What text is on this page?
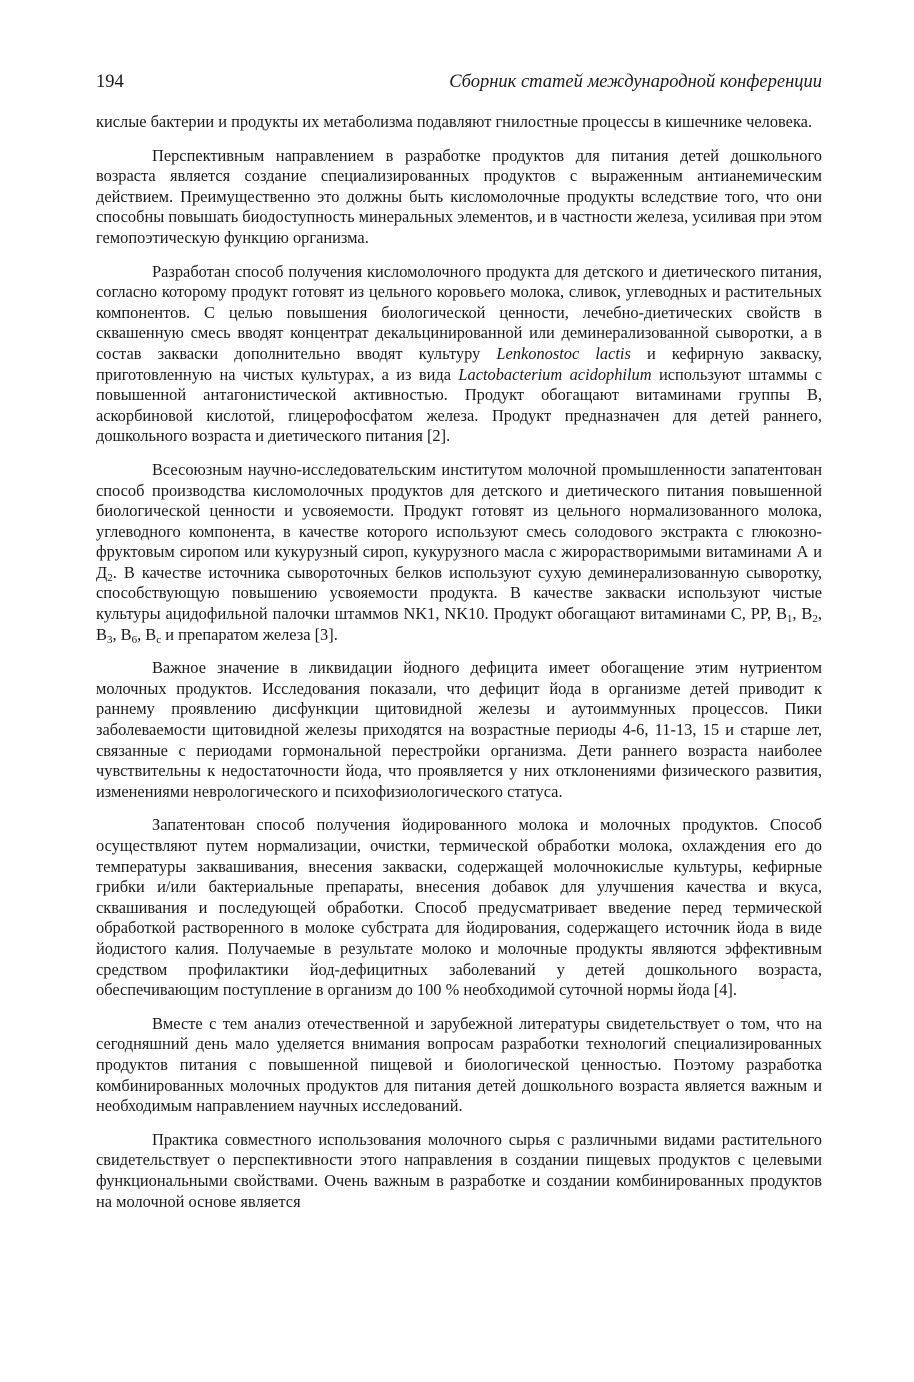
194	Сборник статей международной конференции

кислые бактерии и продукты их метаболизма подавляют гнилостные процессы в кишечнике человека.

Перспективным направлением в разработке продуктов для питания детей дошкольного возраста является создание специализированных продуктов с выраженным антианемическим действием. Преимущественно это должны быть кисломолочные продукты вследствие того, что они способны повышать биодоступность минеральных элементов, и в частности железа, усиливая при этом гемопоэтическую функцию организма.

Разработан способ получения кисломолочного продукта для детского и диетического питания, согласно которому продукт готовят из цельного коровьего молока, сливок, углеводных и растительных компонентов. С целью повышения биологической ценности, лечебно-диетических свойств в сквашенную смесь вводят концентрат декальцинированной или деминерализованной сыворотки, а в состав закваски дополнительно вводят культуру Lenkonostoc lactis и кефирную закваску, приготовленную на чистых культурах, а из вида Lactobacterium acidophilum используют штаммы с повышенной антагонистической активностью. Продукт обогащают витаминами группы В, аскорбиновой кислотой, глицерофосфатом железа. Продукт предназначен для детей раннего, дошкольного возраста и диетического питания [2].

Всесоюзным научно-исследовательским институтом молочной промышленности запатентован способ производства кисломолочных продуктов для детского и диетического питания повышенной биологической ценности и усвояемости. Продукт готовят из цельного нормализованного молока, углеводного компонента, в качестве которого используют смесь солодового экстракта с глюкозно-фруктовым сиропом или кукурузный сироп, кукурузного масла с жирорастворимыми витаминами А и $Д_2$. В качестве источника сывороточных белков используют сухую деминерализованную сыворотку, способствующую повышению усвояемости продукта. В качестве закваски используют чистые культуры ацидофильной палочки штаммов NK1, NK10. Продукт обогащают витаминами С, РР, $В_1$, $В_2$, $В_3$, $В_6$, $В_с$ и препаратом железа [3].

Важное значение в ликвидации йодного дефицита имеет обогащение этим нутриентом молочных продуктов. Исследования показали, что дефицит йода в организме детей приводит к раннему проявлению дисфункции щитовидной железы и аутоиммунных процессов. Пики заболеваемости щитовидной железы приходятся на возрастные периоды 4-6, 11-13, 15 и старше лет, связанные с периодами гормональной перестройки организма. Дети раннего возраста наиболее чувствительны к недостаточности йода, что проявляется у них отклонениями физического развития, изменениями неврологического и психофизиологического статуса.

Запатентован способ получения йодированного молока и молочных продуктов. Способ осуществляют путем нормализации, очистки, термической обработки молока, охлаждения его до температуры заквашивания, внесения закваски, содержащей молочнокислые культуры, кефирные грибки и/или бактериальные препараты, внесения добавок для улучшения качества и вкуса, сквашивания и последующей обработки. Способ предусматривает введение перед термической обработкой растворенного в молоке субстрата для йодирования, содержащего источник йода в виде йодистого калия. Получаемые в результате молоко и молочные продукты являются эффективным средством профилактики йод-дефицитных заболеваний у детей дошкольного возраста, обеспечивающим поступление в организм до 100 % необходимой суточной нормы йода [4].

Вместе с тем анализ отечественной и зарубежной литературы свидетельствует о том, что на сегодняшний день мало уделяется внимания вопросам разработки технологий специализированных продуктов питания с повышенной пищевой и биологической ценностью. Поэтому разработка комбинированных молочных продуктов для питания детей дошкольного возраста является важным и необходимым направлением научных исследований.

Практика совместного использования молочного сырья с различными видами растительного свидетельствует о перспективности этого направления в создании пищевых продуктов с целевыми функциональными свойствами. Очень важным в разработке и создании комбинированных продуктов на молочной основе является
